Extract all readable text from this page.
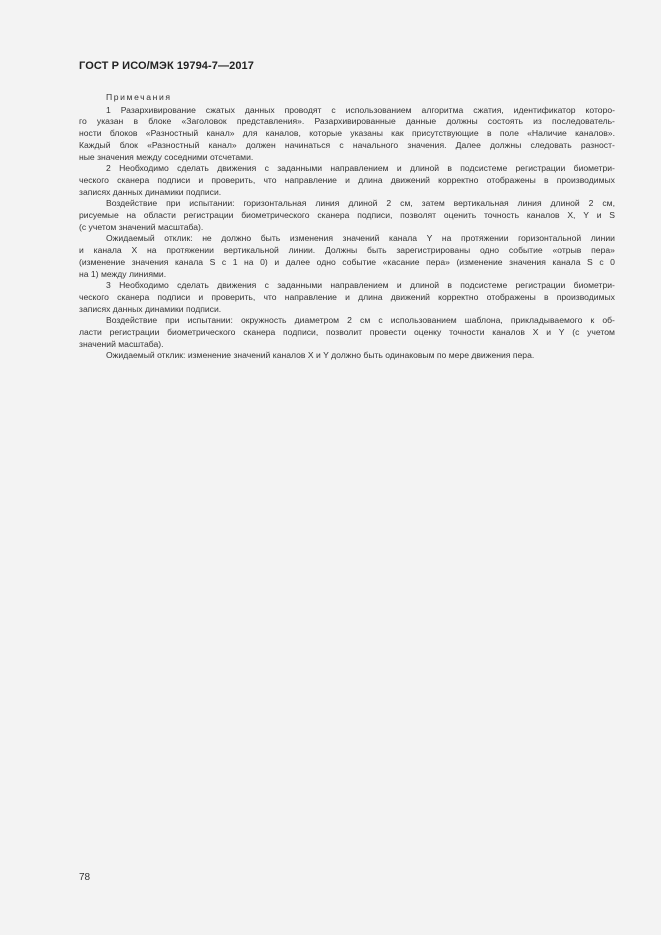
ГОСТ Р ИСО/МЭК 19794-7—2017
Примечания
1 Разархивирование сжатых данных проводят с использованием алгоритма сжатия, идентификатор которо-
го указан в блоке «Заголовок представления». Разархивированные данные должны состоять из последователь-
ности блоков «Разностный канал» для каналов, которые указаны как присутствующие в поле «Наличие каналов».
Каждый блок «Разностный канал» должен начинаться с начального значения. Далее должны следовать разност-
ные значения между соседними отсчетами.
2 Необходимо сделать движения с заданными направлением и длиной в подсистеме регистрации биометри-
ческого сканера подписи и проверить, что направление и длина движений корректно отображены в производимых
записях данных динамики подписи.
Воздействие при испытании: горизонтальная линия длиной 2 см, затем вертикальная линия длиной 2 см,
рисуемые на области регистрации биометрического сканера подписи, позволят оценить точность каналов X, Y и S
(с учетом значений масштаба).
Ожидаемый отклик: не должно быть изменения значений канала Y на протяжении горизонтальной линии
и канала X на протяжении вертикальной линии. Должны быть зарегистрированы одно событие «отрыв пера»
(изменение значения канала S с 1 на 0) и далее одно событие «касание пера» (изменение значения канала S с 0
на 1) между линиями.
3 Необходимо сделать движения с заданными направлением и длиной в подсистеме регистрации биометри-
ческого сканера подписи и проверить, что направление и длина движений корректно отображены в производимых
записях данных динамики подписи.
Воздействие при испытании: окружность диаметром 2 см с использованием шаблона, прикладываемого к об-
ласти регистрации биометрического сканера подписи, позволит провести оценку точности каналов X и Y (с учетом
значений масштаба).
Ожидаемый отклик: изменение значений каналов X и Y должно быть одинаковым по мере движения пера.
78
